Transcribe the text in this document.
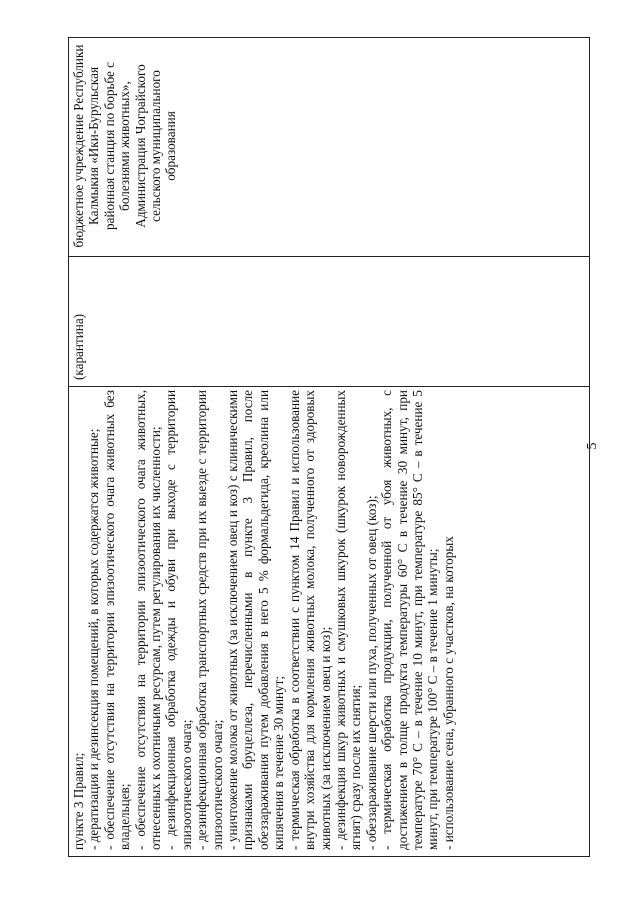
пункте 3 Правил; - дератизация и дезинсекция помещений, в которых содержатся животные; - обеспечение отсутствия на территории эпизоотического очага животных без владельцев; - обеспечение отсутствия на территории эпизоотического очага животных, отнесенных к охотничьим ресурсам, путем регулирования их численности; - дезинфекционная обработка одежды и обуви при выходе с территории эпизоотического очага; - дезинфекционная обработка транспортных средств при их выезде с территории эпизоотического очага; - уничтожение молока от животных (за исключением овец и коз) с клиническими признаками бруцеллеза, перечисленными в пункте 3 Правил, после обеззараживания путем добавления в него 5 % формальдегида, креолина или кипячения в течение 30 минут; - термическая обработка в соответствии с пунктом 14 Правил и использование внутри хозяйства для кормления животных молока, полученного от здоровых животных (за исключением овец и коз); - дезинфекция шкур животных и смушковых шкурок (шкурок новорожденных ягнят) сразу после их снятия; - обеззараживание шерсти или пуха, полученных от овец (коз); - термическая обработка продукции, полученной от убоя животных, с достижением в толще продукта температуры 60° С в течение 30 минут, при температуре 70° С – в течение 10 минут, при температуре 85° С – в течение 5 минут, при температуре 100° С – в течение 1 минуты; - использование сена, убранного с участков, на которых

(карантина)
бюджетное учреждение Республики Калмыкия «Ики-Бурульская районная станция по борьбе с болезнями животных», Администрация Чограйского сельского муниципального образования
5
